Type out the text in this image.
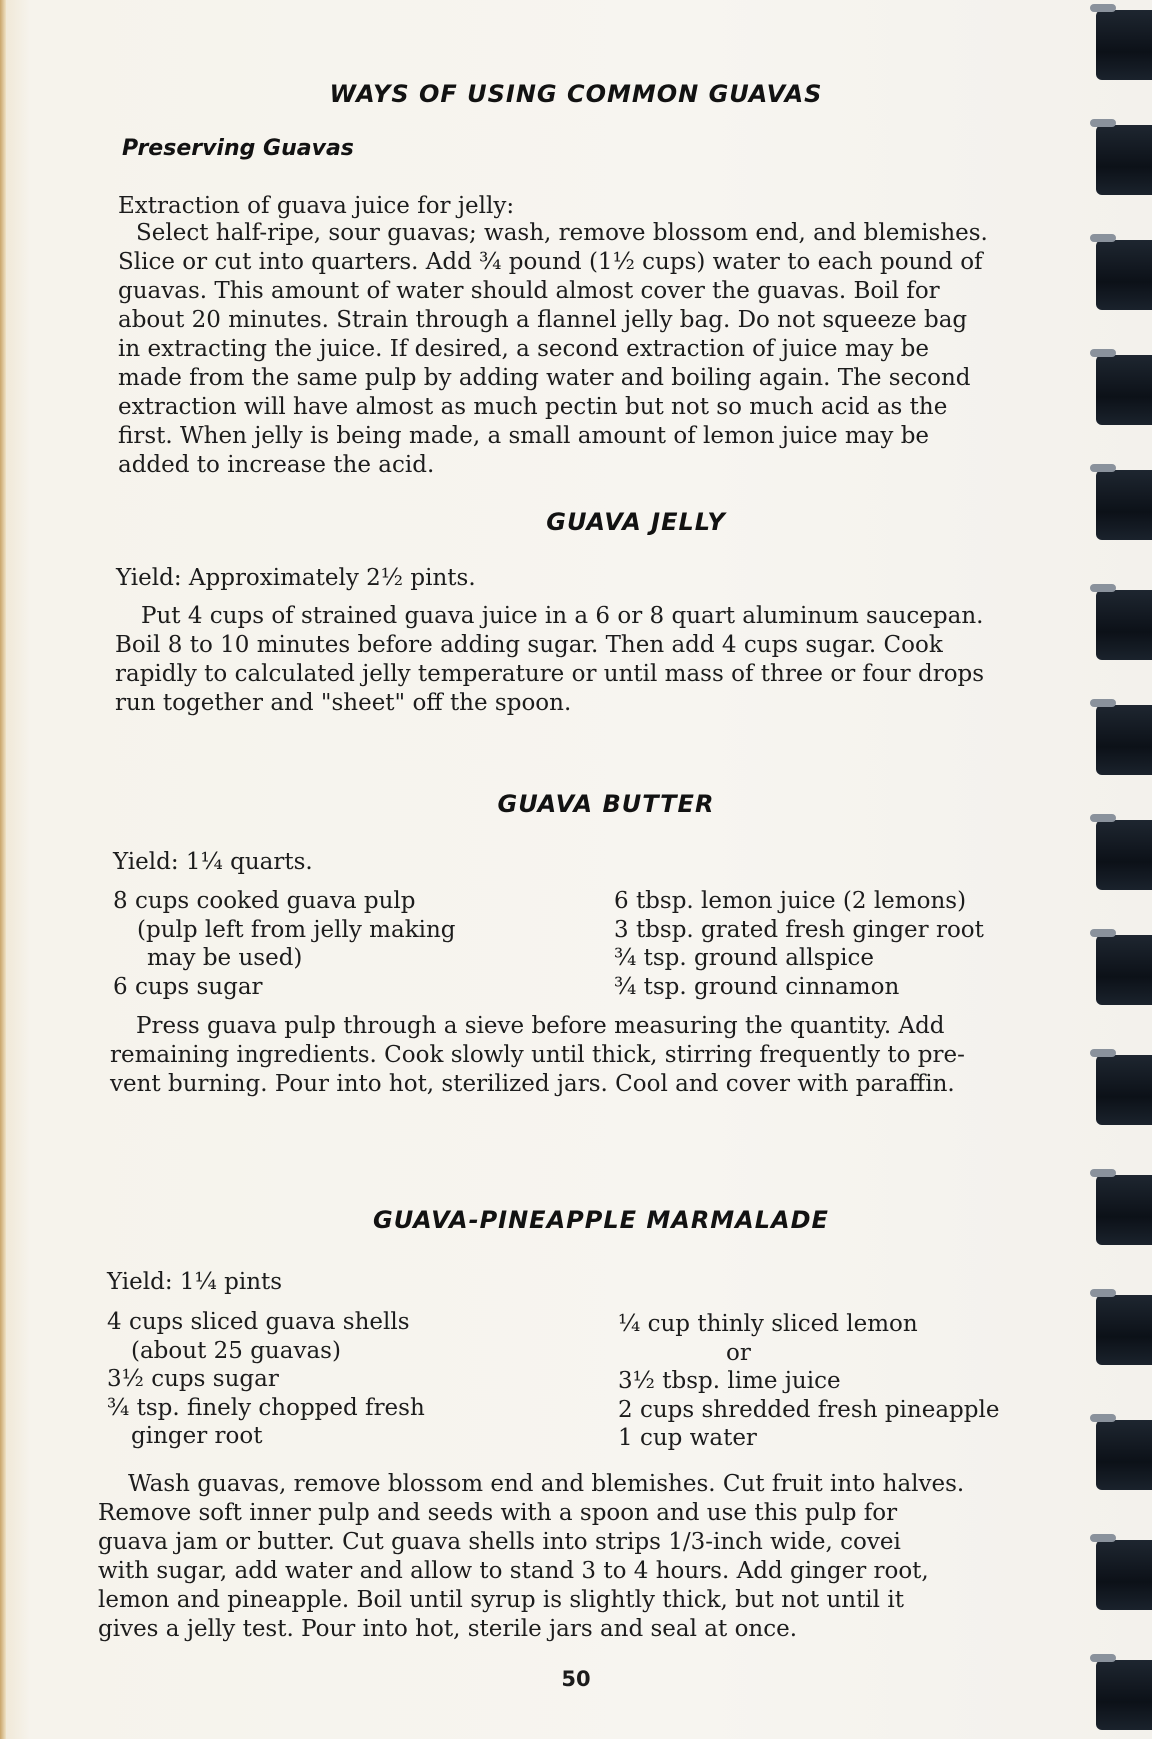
WAYS OF USING COMMON GUAVAS
Preserving Guavas

Extraction of guava juice for jelly:

Select half-ripe, sour guavas; wash, remove blossom end, and blemishes.
Slice or cut into quarters. Add ¾ pound (1½ cups) water to each pound of
guavas. This amount of water should almost cover the guavas. Boil for
about 20 minutes. Strain through a flannel jelly bag. Do not squeeze bag
in extracting the juice. If desired, a second extraction of juice may be
made from the same pulp by adding water and boiling again. The second
extraction will have almost as much pectin but not so much acid as the
first. When jelly is being made, a small amount of lemon juice may be
added to increase the acid.
GUAVA JELLY

Yield: Approximately 2½ pints.

Put 4 cups of strained guava juice in a 6 or 8 quart aluminum saucepan.
Boil 8 to 10 minutes before adding sugar. Then add 4 cups sugar. Cook
rapidly to calculated jelly temperature or until mass of three or four drops
run together and "sheet" off the spoon.
GUAVA BUTTER

Yield: 1¼ quarts.

8 cups cooked guava pulp
(pulp left from jelly making
may be used)
6 cups sugar
6 tbsp. lemon juice (2 lemons)
3 tbsp. grated fresh ginger root
¾ tsp. ground allspice
¾ tsp. ground cinnamon
Press guava pulp through a sieve before measuring the quantity. Add
remaining ingredients. Cook slowly until thick, stirring frequently to pre-
vent burning. Pour into hot, sterilized jars. Cool and cover with paraffin.
GUAVA-PINEAPPLE MARMALADE

Yield: 1¼ pints

4 cups sliced guava shells
(about 25 guavas)
3½ cups sugar
¾ tsp. finely chopped fresh
ginger root
¼ cup thinly sliced lemon
or
3½ tbsp. lime juice
2 cups shredded fresh pineapple
1 cup water
Wash guavas, remove blossom end and blemishes. Cut fruit into halves.
Remove soft inner pulp and seeds with a spoon and use this pulp for
guava jam or butter. Cut guava shells into strips 1/3-inch wide, covei
with sugar, add water and allow to stand 3 to 4 hours. Add ginger root,
lemon and pineapple. Boil until syrup is slightly thick, but not until it
gives a jelly test. Pour into hot, sterile jars and seal at once.

50
